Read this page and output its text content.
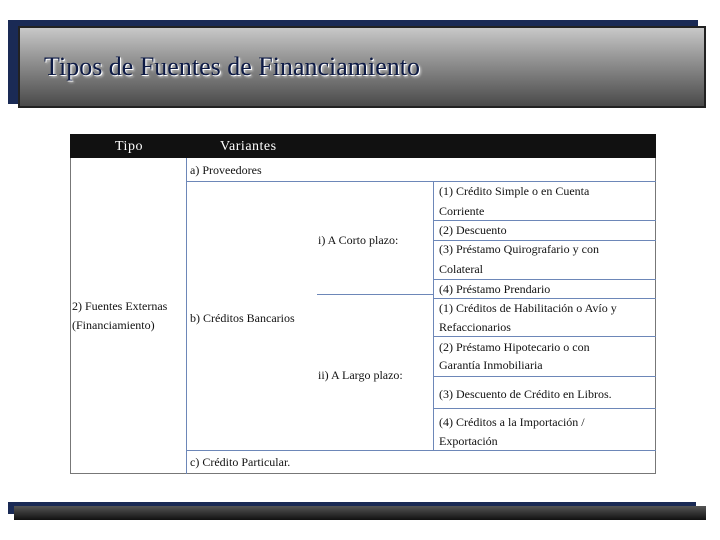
Tipos de Fuentes de Financiamiento
Tipo	Variantes
2) Fuentes Externas
(Financiamiento)
a) Proveedores
b) Créditos Bancarios
c) Crédito Particular.
i) A Corto plazo:
ii) A Largo plazo:
(1) Crédito Simple o en Cuenta
Corriente
(2) Descuento
(3) Préstamo Quirografario y con
Colateral
(4) Préstamo Prendario
(1) Créditos de Habilitación o Avío y
Refaccionarios
(2) Préstamo Hipotecario o con
Garantía Inmobiliaria
(3) Descuento de Crédito en Libros.
(4) Créditos a la Importación /
Exportación
